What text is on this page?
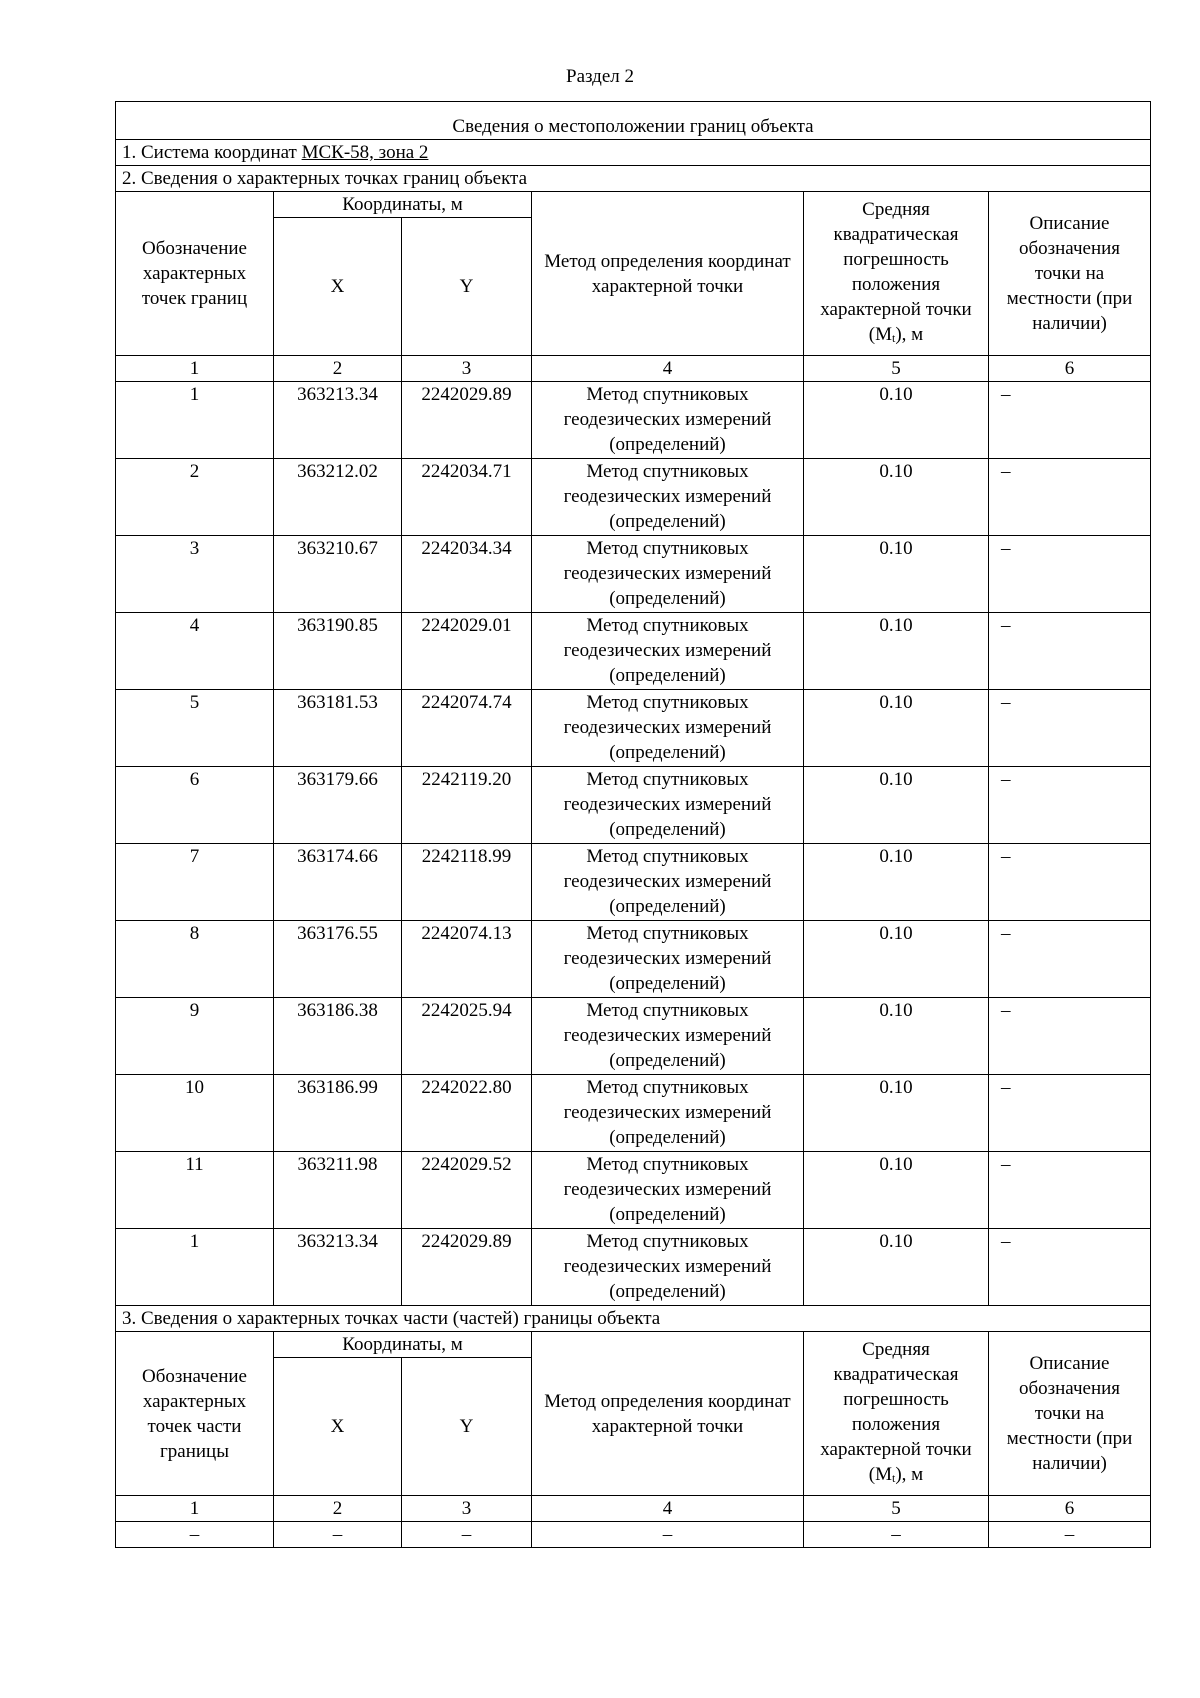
Раздел 2
Сведения о местоположении границ объекта					
1. Система координат МСК-58, зона 2					
2. Сведения о характерных точках границ объекта					
Обозначение характерных точек границ	Координаты, м		Метод определения координат характерной точки	Средняя квадратическая погрешность положения характерной точки $(M_t)$, м	Описание обозначения точки на местности (при наличии)
	X	Y			
1	2	3	4	5	6
1	363213.34	2242029.89	Метод спутниковых геодезических измерений (определений)	0.10	–
2	363212.02	2242034.71	Метод спутниковых геодезических измерений (определений)	0.10	–
3	363210.67	2242034.34	Метод спутниковых геодезических измерений (определений)	0.10	–
4	363190.85	2242029.01	Метод спутниковых геодезических измерений (определений)	0.10	–
5	363181.53	2242074.74	Метод спутниковых геодезических измерений (определений)	0.10	–
6	363179.66	2242119.20	Метод спутниковых геодезических измерений (определений)	0.10	–
7	363174.66	2242118.99	Метод спутниковых геодезических измерений (определений)	0.10	–
8	363176.55	2242074.13	Метод спутниковых геодезических измерений (определений)	0.10	–
9	363186.38	2242025.94	Метод спутниковых геодезических измерений (определений)	0.10	–
10	363186.99	2242022.80	Метод спутниковых геодезических измерений (определений)	0.10	–
11	363211.98	2242029.52	Метод спутниковых геодезических измерений (определений)	0.10	–
1	363213.34	2242029.89	Метод спутниковых геодезических измерений (определений)	0.10	–
3. Сведения о характерных точках части (частей) границы объекта					
Обозначение характерных точек части границы	Координаты, м		Метод определения координат характерной точки	Средняя квадратическая погрешность положения характерной точки $(M_t)$, м	Описание обозначения точки на местности (при наличии)
	X	Y			
1	2	3	4	5	6
–	–	–	–	–	–
